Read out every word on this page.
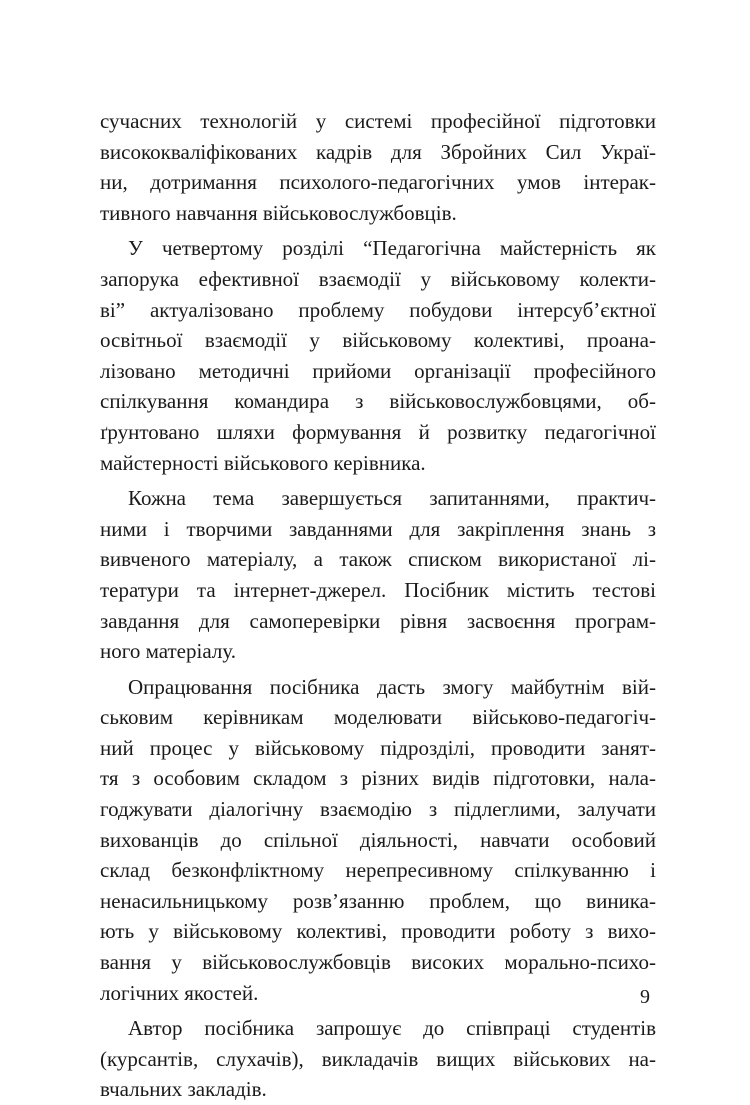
сучасних технологій у системі професійної підготовки
висококваліфікованих кадрів для Збройних Сил Украї-
ни, дотримання психолого-педагогічних умов інтерак-
тивного навчання військовослужбовців.

У четвертому розділі “Педагогічна майстерність як
запорука ефективної взаємодії у військовому колекти-
ві” актуалізовано проблему побудови інтерсуб’єктної
освітньої взаємодії у військовому колективі, проана-
лізовано методичні прийоми організації професійного
спілкування командира з військовослужбовцями, об-
ґрунтовано шляхи формування й розвитку педагогічної
майстерності військового керівника.

Кожна тема завершується запитаннями, практич-
ними і творчими завданнями для закріплення знань з
вивченого матеріалу, а також списком використаної лі-
тератури та інтернет-джерел. Посібник містить тестові
завдання для самоперевірки рівня засвоєння програм-
ного матеріалу.

Опрацювання посібника дасть змогу майбутнім вій-
ськовим керівникам моделювати військово-педагогіч-
ний процес у військовому підрозділі, проводити занят-
тя з особовим складом з різних видів підготовки, нала-
годжувати діалогічну взаємодію з підлеглими, залучати
вихованців до спільної діяльності, навчати особовий
склад безконфліктному нерепресивному спілкуванню і
ненасильницькому розв’язанню проблем, що виника-
ють у військовому колективі, проводити роботу з вихо-
вання у військовослужбовців високих морально-психо-
логічних якостей.

Автор посібника запрошує до співпраці студентів
(курсантів, слухачів), викладачів вищих військових на-
вчальних закладів.

9
